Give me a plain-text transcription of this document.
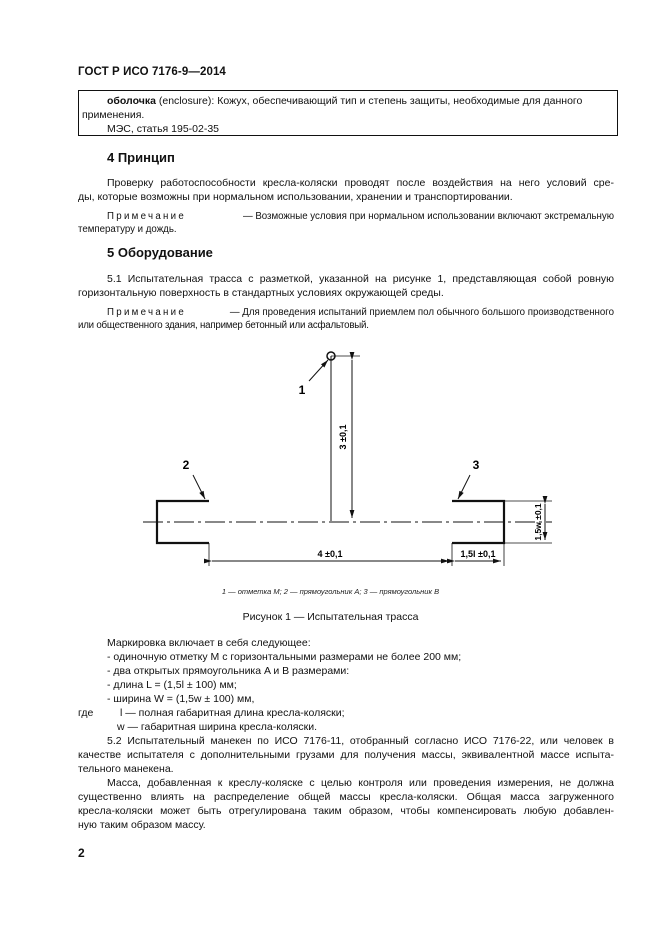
ГОСТ Р ИСО 7176-9—2014
оболочка (enclosure): Кожух, обеспечивающий тип и степень защиты, необходимые для данного
применения.
МЭС, статья 195-02-35
4 Принцип
Проверку работоспособности кресла-коляски проводят после воздействия на него условий сре-
ды, которые возможны при нормальном использовании, хранении и транспортировании.
Примечание	— Возможные условия при нормальном использовании включают экстремальную
температуру и дождь.
5 Оборудование
5.1 Испытательная трасса с разметкой, указанной на рисунке 1, представляющая собой ровную
горизонтальную поверхность в стандартных условиях окружающей среды.
Примечание	— Для проведения испытаний приемлем пол обычного большого производственного
или общественного здания, например бетонный или асфальтовый.
3 ±0,1
4 ±0,1	1,5l ±0,1
1,5w ±0,1
1
2	3
1 — отметка M; 2 — прямоугольник A; 3 — прямоугольник B
Рисунок 1 — Испытательная трасса
Маркировка включает в себя следующее:
- одиночную отметку M с горизонтальными размерами не более 200 мм;
- два открытых прямоугольника A и B размерами:
- длина L = (1,5l ± 100) мм;
- ширина W = (1,5w ± 100) мм,
где	l — полная габаритная длина кресла-коляски;
w — габаритная ширина кресла-коляски.
5.2 Испытательный манекен по ИСО 7176-11, отобранный согласно ИСО 7176-22, или человек в
качестве испытателя с дополнительными грузами для получения массы, эквивалентной массе испыта-
тельного манекена.
Масса, добавленная к креслу-коляске с целью контроля или проведения измерения, не должна
существенно влиять на распределение общей массы кресла-коляски. Общая масса загруженного
кресла-коляски может быть отрегулирована таким образом, чтобы компенсировать любую добавлен-
ную таким образом массу.
2
